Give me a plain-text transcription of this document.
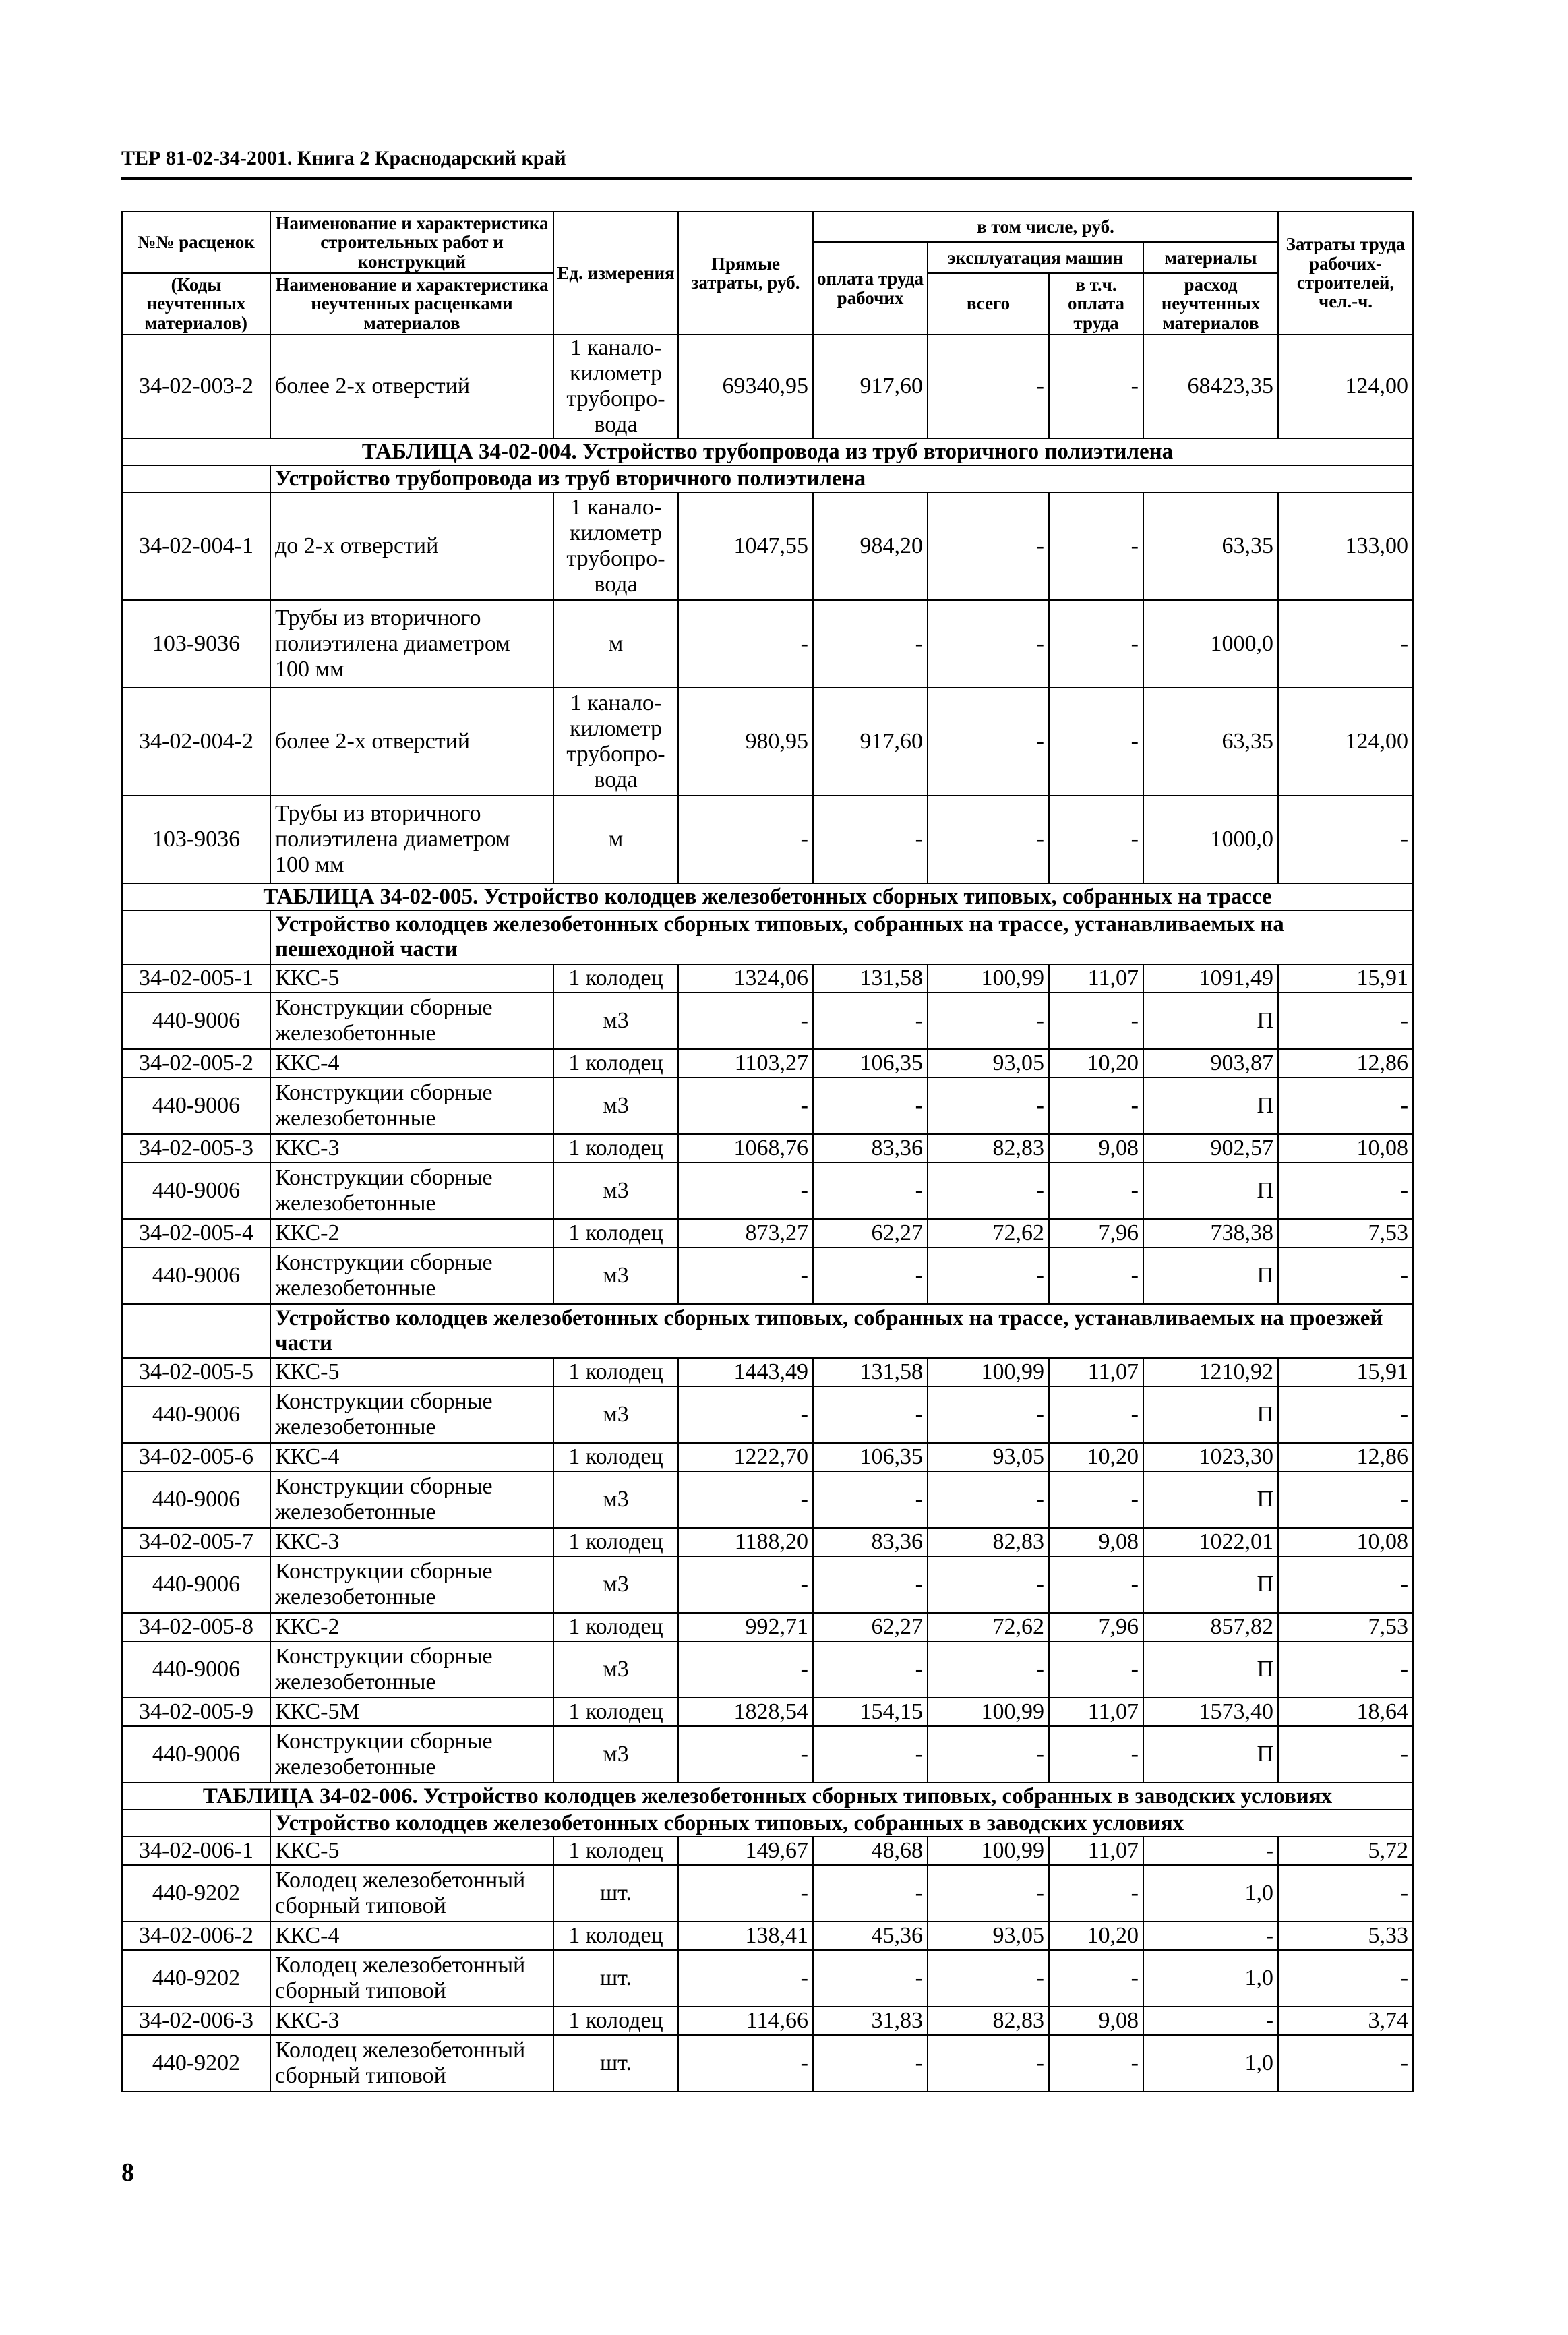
ТЕР 81-02-34-2001. Книга 2 Краснодарский край
№№ расценок	Наименование и характеристика строительных работ и конструкций	Ед. измерения	Прямые затраты, руб.	в том числе, руб.				Затраты труда рабочих-строителей, чел.-ч.
				оплата труда рабочих	эксплуатация машин		материалы	
(Коды неучтенных материалов)	Наименование и характеристика неучтенных расценками материалов				всего	в т.ч. оплата труда	расход неучтенных материалов	

34-02-003-2	более 2-х отверстий	1 канало-километр трубопро-вода	69340,95	917,60	-	-	68423,35	124,00
ТАБЛИЦА 34-02-004. Устройство трубопровода из труб вторичного полиэтилена								
	Устройство трубопровода из труб вторичного полиэтилена							
34-02-004-1	до 2-х отверстий	1 канало-километр трубопро-вода	1047,55	984,20	-	-	63,35	133,00
103-9036	Трубы из вторичного полиэтилена диаметром 100 мм	м	-	-	-	-	1000,0	-
34-02-004-2	более 2-х отверстий	1 канало-километр трубопро-вода	980,95	917,60	-	-	63,35	124,00
103-9036	Трубы из вторичного полиэтилена диаметром 100 мм	м	-	-	-	-	1000,0	-
ТАБЛИЦА 34-02-005. Устройство колодцев железобетонных сборных типовых, собранных на трассе								
	Устройство колодцев железобетонных сборных типовых, собранных на трассе, устанавливаемых на пешеходной части							
34-02-005-1	ККС-5	1 колодец	1324,06	131,58	100,99	11,07	1091,49	15,91
440-9006	Конструкции сборные железобетонные	м3	-	-	-	-	П	-
34-02-005-2	ККС-4	1 колодец	1103,27	106,35	93,05	10,20	903,87	12,86
440-9006	Конструкции сборные железобетонные	м3	-	-	-	-	П	-
34-02-005-3	ККС-3	1 колодец	1068,76	83,36	82,83	9,08	902,57	10,08
440-9006	Конструкции сборные железобетонные	м3	-	-	-	-	П	-
34-02-005-4	ККС-2	1 колодец	873,27	62,27	72,62	7,96	738,38	7,53
440-9006	Конструкции сборные железобетонные	м3	-	-	-	-	П	-
	Устройство колодцев железобетонных сборных типовых, собранных на трассе, устанавливаемых на проезжей части							
34-02-005-5	ККС-5	1 колодец	1443,49	131,58	100,99	11,07	1210,92	15,91
440-9006	Конструкции сборные железобетонные	м3	-	-	-	-	П	-
34-02-005-6	ККС-4	1 колодец	1222,70	106,35	93,05	10,20	1023,30	12,86
440-9006	Конструкции сборные железобетонные	м3	-	-	-	-	П	-
34-02-005-7	ККС-3	1 колодец	1188,20	83,36	82,83	9,08	1022,01	10,08
440-9006	Конструкции сборные железобетонные	м3	-	-	-	-	П	-
34-02-005-8	ККС-2	1 колодец	992,71	62,27	72,62	7,96	857,82	7,53
440-9006	Конструкции сборные железобетонные	м3	-	-	-	-	П	-
34-02-005-9	ККС-5М	1 колодец	1828,54	154,15	100,99	11,07	1573,40	18,64
440-9006	Конструкции сборные железобетонные	м3	-	-	-	-	П	-
ТАБЛИЦА 34-02-006. Устройство колодцев железобетонных сборных типовых, собранных в заводских условиях								
	Устройство колодцев железобетонных сборных типовых, собранных в заводских условиях							
34-02-006-1	ККС-5	1 колодец	149,67	48,68	100,99	11,07	-	5,72
440-9202	Колодец железобетонный сборный типовой	шт.	-	-	-	-	1,0	-
34-02-006-2	ККС-4	1 колодец	138,41	45,36	93,05	10,20	-	5,33
440-9202	Колодец железобетонный сборный типовой	шт.	-	-	-	-	1,0	-
34-02-006-3	ККС-3	1 колодец	114,66	31,83	82,83	9,08	-	3,74
440-9202	Колодец железобетонный сборный типовой	шт.	-	-	-	-	1,0	-
8
